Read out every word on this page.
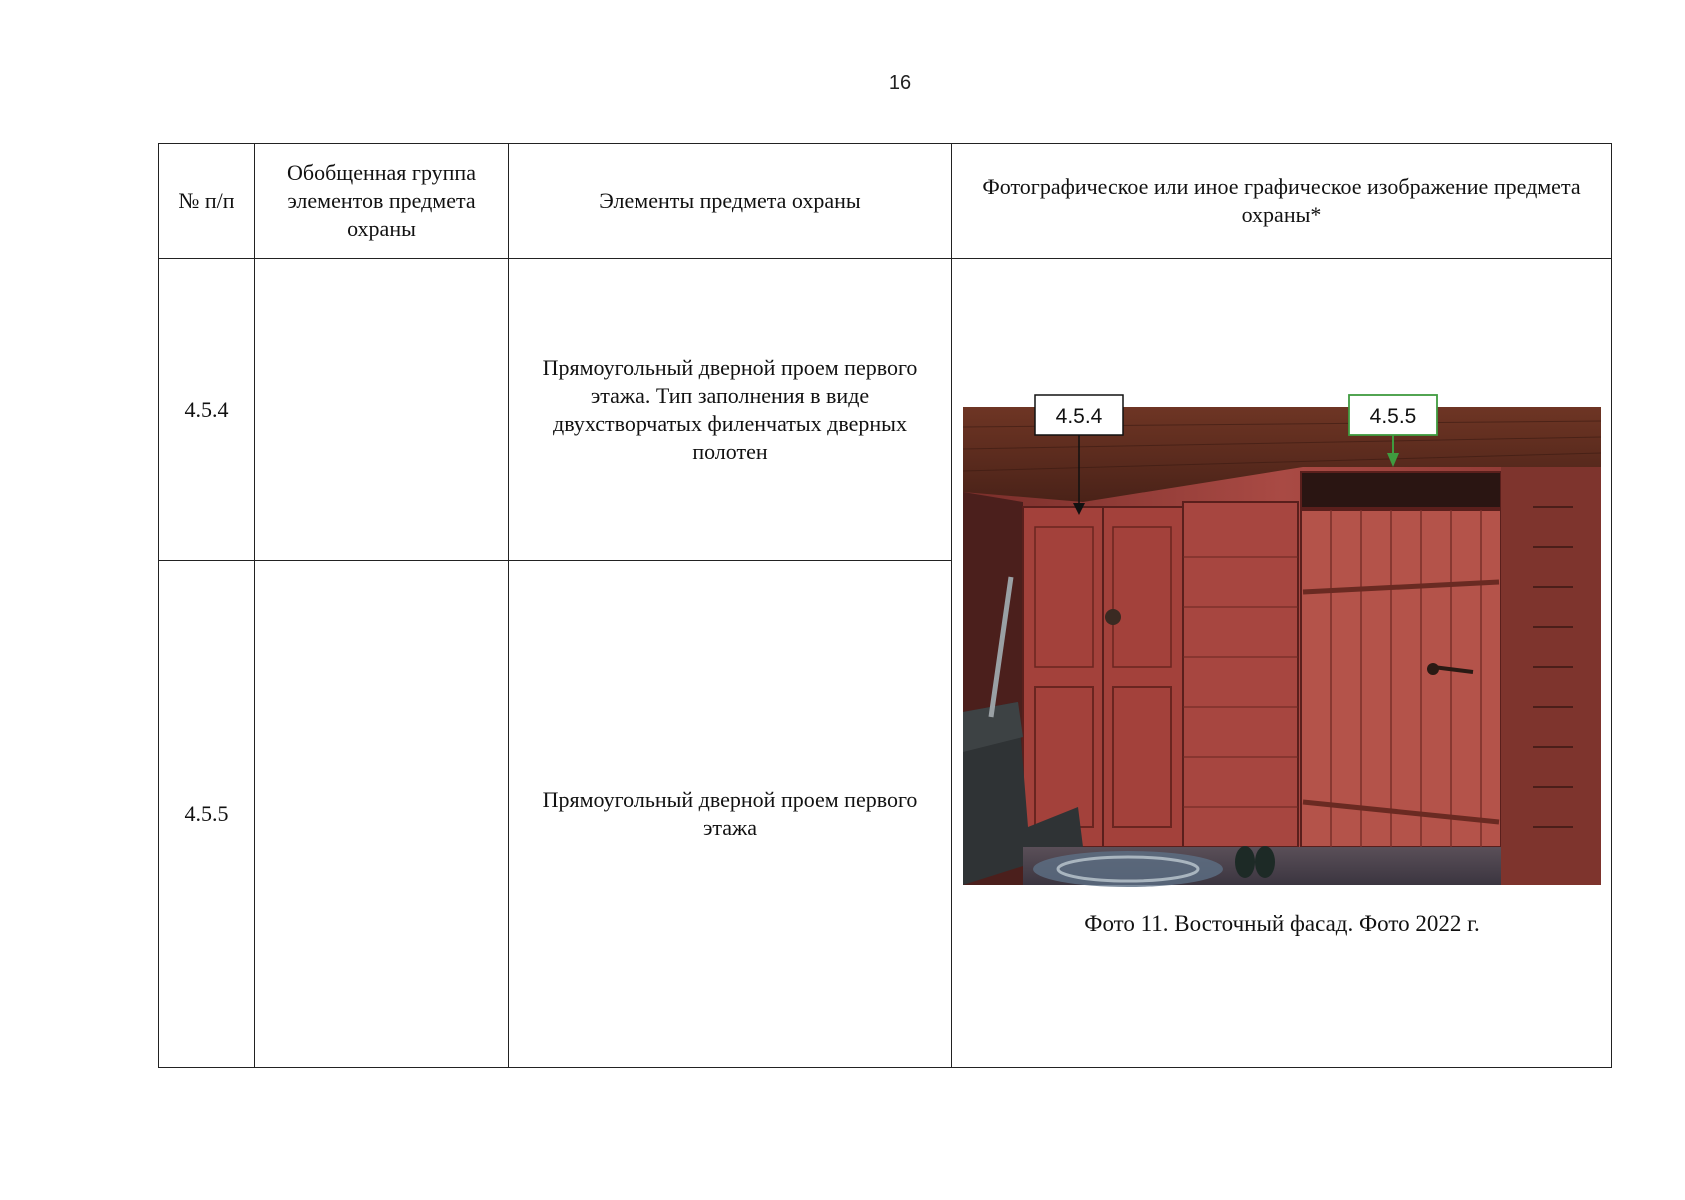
16
№ п/п	Обобщенная группа элементов предмета охраны	Элементы предмета охраны	Фотографическое или иное графическое изображение предмета охраны*
4.5.4		Прямоугольный дверной проем первого этажа. Тип заполнения в виде двухстворчатых филенчатых дверных полотен	4.5.4 4.5.5
Фото 11. Восточный фасад. Фото 2022 г.

4.5.5		Прямоугольный дверной проем первого этажа	
